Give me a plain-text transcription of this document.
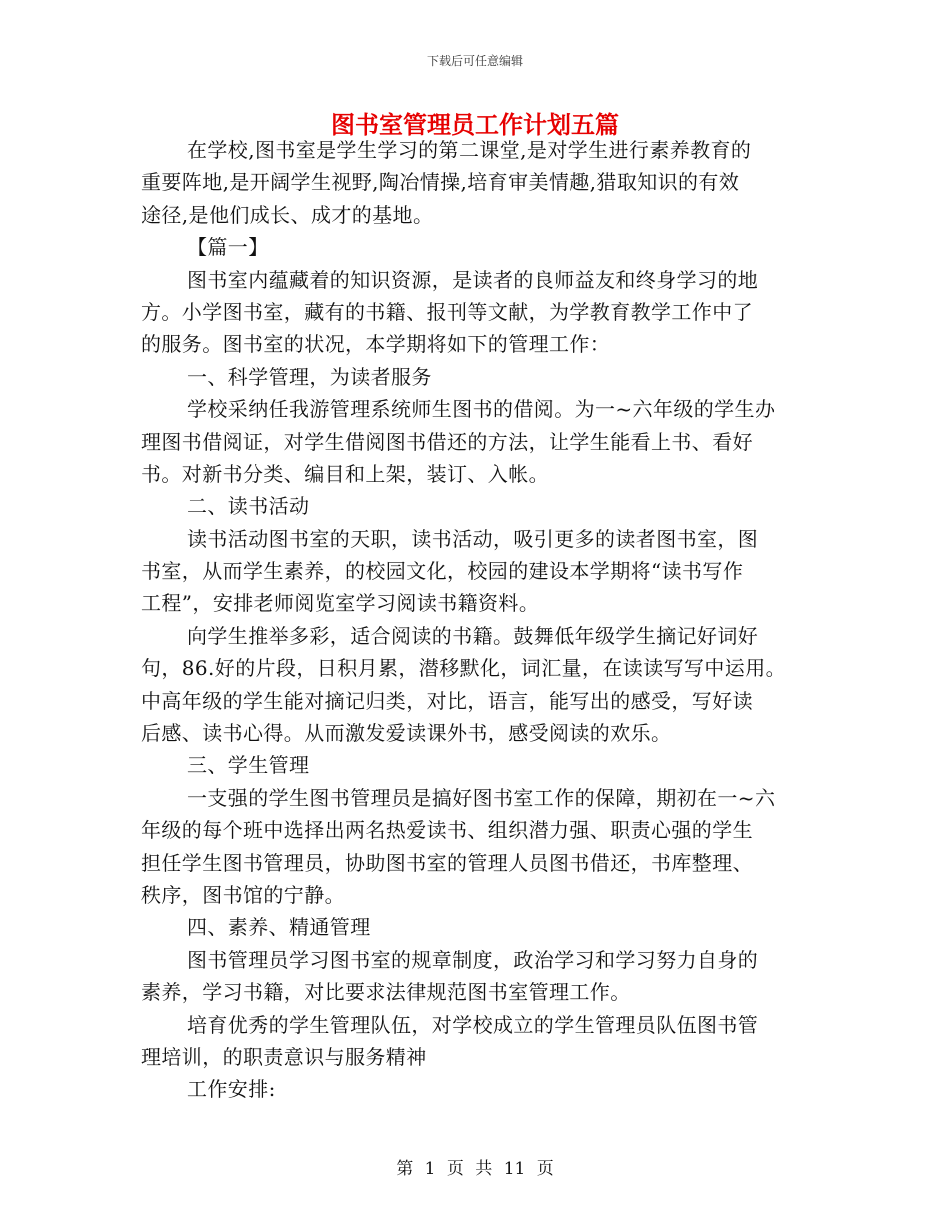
下载后可任意编辑
图书室管理员工作计划五篇
在学校,图书室是学生学习的第二课堂,是对学生进行素养教育的
重要阵地,是开阔学生视野,陶冶情操,培育审美情趣,猎取知识的有效
途径,是他们成长、成才的基地。
【篇一】
图书室内蕴藏着的知识资源，是读者的良师益友和终身学习的地
方。小学图书室，藏有的书籍、报刊等文献，为学教育教学工作中了
的服务。图书室的状况，本学期将如下的管理工作：
一、科学管理，为读者服务
学校采纳任我游管理系统师生图书的借阅。为一~六年级的学生办
理图书借阅证，对学生借阅图书借还的方法，让学生能看上书、看好
书。对新书分类、编目和上架，装订、入帐。
二、读书活动
读书活动图书室的天职，读书活动，吸引更多的读者图书室，图
书室，从而学生素养，的校园文化，校园的建设本学期将“读书写作
工程”，安排老师阅览室学习阅读书籍资料。
向学生推举多彩，适合阅读的书籍。鼓舞低年级学生摘记好词好
句，86.好的片段，日积月累，潜移默化，词汇量，在读读写写中运用。
中高年级的学生能对摘记归类，对比，语言，能写出的感受，写好读
后感、读书心得。从而激发爱读课外书，感受阅读的欢乐。
三、学生管理
一支强的学生图书管理员是搞好图书室工作的保障，期初在一~六
年级的每个班中选择出两名热爱读书、组织潜力强、职责心强的学生
担任学生图书管理员，协助图书室的管理人员图书借还，书库整理、
秩序，图书馆的宁静。
四、素养、精通管理
图书管理员学习图书室的规章制度，政治学习和学习努力自身的
素养，学习书籍，对比要求法律规范图书室管理工作。
培育优秀的学生管理队伍，对学校成立的学生管理员队伍图书管
理培训，的职责意识与服务精神
工作安排:
第 1 页 共 11 页
